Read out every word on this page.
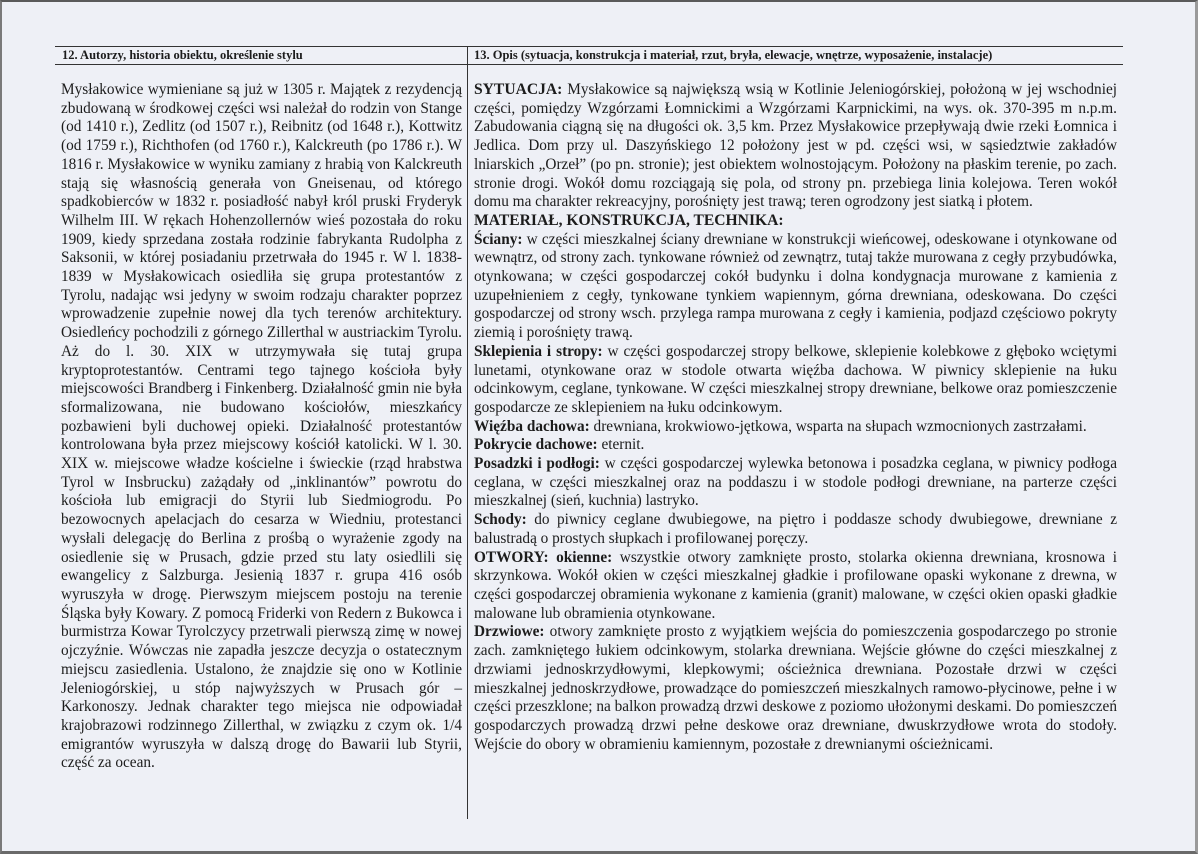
12. Autorzy, historia obiektu, określenie stylu	13. Opis (sytuacja, konstrukcja i materiał, rzut, bryła, elewacje, wnętrze, wyposażenie, instalacje)

Mysłakowice wymieniane są już w 1305 r. Majątek z rezydencją zbudowaną w środkowej części wsi należał do rodzin von Stange (od 1410 r.), Zedlitz (od 1507 r.), Reibnitz (od 1648 r.), Kottwitz (od 1759 r.), Richthofen (od 1760 r.), Kalckreuth (po 1786 r.). W 1816 r. Mysłakowice w wyniku zamiany z hrabią von Kalckreuth stają się własnością generała von Gneisenau, od którego spadkobierców w 1832 r. posiadłość nabył król pruski Fryderyk Wilhelm III. W rękach Hohenzollernów wieś pozostała do roku 1909, kiedy sprzedana została rodzinie fabrykanta Rudolpha z Saksonii, w której posiadaniu przetrwała do 1945 r. W l. 1838-1839 w Mysłakowicach osiedliła się grupa protestantów z Tyrolu, nadając wsi jedyny w swoim rodzaju charakter poprzez wprowadzenie zupełnie nowej dla tych terenów architektury. Osiedleńcy pochodzili z górnego Zillerthal w austriackim Tyrolu. Aż do l. 30. XIX w utrzymywała się tutaj grupa kryptoprotestantów. Centrami tego tajnego kościoła były miejscowości Brandberg i Finkenberg. Działalność gmin nie była sformalizowana, nie budowano kościołów, mieszkańcy pozbawieni byli duchowej opieki. Działalność protestantów kontrolowana była przez miejscowy kościół katolicki. W l. 30. XIX w. miejscowe władze kościelne i świeckie (rząd hrabstwa Tyrol w Insbrucku) zażądały od „inklinantów” powrotu do kościoła lub emigracji do Styrii lub Siedmiogrodu. Po bezowocnych apelacjach do cesarza w Wiedniu, protestanci wysłali delegację do Berlina z prośbą o wyrażenie zgody na osiedlenie się w Prusach, gdzie przed stu laty osiedlili się ewangelicy z Salzburga. Jesienią 1837 r. grupa 416 osób wyruszyła w drogę. Pierwszym miejscem postoju na terenie Śląska były Kowary. Z pomocą Friderki von Redern z Bukowca i burmistrza Kowar Tyrolczycy przetrwali pierwszą zimę w nowej ojczyźnie. Wówczas nie zapadła jeszcze decyzja o ostatecznym miejscu zasiedlenia. Ustalono, że znajdzie się ono w Kotlinie Jeleniogórskiej, u stóp najwyższych w Prusach gór – Karkonoszy. Jednak charakter tego miejsca nie odpowiadał krajobrazowi rodzinnego Zillerthal, w związku z czym ok. 1/4 emigrantów wyruszyła w dalszą drogę do Bawarii lub Styrii, część za ocean.

SYTUACJA: Mysłakowice są największą wsią w Kotlinie Jeleniogórskiej, położoną w jej wschodniej części, pomiędzy Wzgórzami Łomnickimi a Wzgórzami Karpnickimi, na wys. ok. 370-395 m n.p.m. Zabudowania ciągną się na długości ok. 3,5 km. Przez Mysłakowice przepływają dwie rzeki Łomnica i Jedlica. Dom przy ul. Daszyńskiego 12 położony jest w pd. części wsi, w sąsiedztwie zakładów lniarskich „Orzeł” (po pn. stronie); jest obiektem wolnostojącym. Położony na płaskim terenie, po zach. stronie drogi. Wokół domu rozciągają się pola, od strony pn. przebiega linia kolejowa. Teren wokół domu ma charakter rekreacyjny, porośnięty jest trawą; teren ogrodzony jest siatką i płotem.

MATERIAŁ, KONSTRUKCJA, TECHNIKA:

Ściany: w części mieszkalnej ściany drewniane w konstrukcji wieńcowej, odeskowane i otynkowane od wewnątrz, od strony zach. tynkowane również od zewnątrz, tutaj także murowana z cegły przybudówka, otynkowana; w części gospodarczej cokół budynku i dolna kondygnacja murowane z kamienia z uzupełnieniem z cegły, tynkowane tynkiem wapiennym, górna drewniana, odeskowana. Do części gospodarczej od strony wsch. przylega rampa murowana z cegły i kamienia, podjazd częściowo pokryty ziemią i porośnięty trawą.

Sklepienia i stropy: w części gospodarczej stropy belkowe, sklepienie kolebkowe z głęboko wciętymi lunetami, otynkowane oraz w stodole otwarta więźba dachowa. W piwnicy sklepienie na łuku odcinkowym, ceglane, tynkowane. W części mieszkalnej stropy drewniane, belkowe oraz pomieszczenie gospodarcze ze sklepieniem na łuku odcinkowym.

Więźba dachowa: drewniana, krokwiowo-jętkowa, wsparta na słupach wzmocnionych zastrzałami.

Pokrycie dachowe: eternit.

Posadzki i podłogi: w części gospodarczej wylewka betonowa i posadzka ceglana, w piwnicy podłoga ceglana, w części mieszkalnej oraz na poddaszu i w stodole podłogi drewniane, na parterze części mieszkalnej (sień, kuchnia) lastryko.

Schody: do piwnicy ceglane dwubiegowe, na piętro i poddasze schody dwubiegowe, drewniane z balustradą o prostych słupkach i profilowanej poręczy.

OTWORY: okienne: wszystkie otwory zamknięte prosto, stolarka okienna drewniana, krosnowa i skrzynkowa. Wokół okien w części mieszkalnej gładkie i profilowane opaski wykonane z drewna, w części gospodarczej obramienia wykonane z kamienia (granit) malowane, w części okien opaski gładkie malowane lub obramienia otynkowane.

Drzwiowe: otwory zamknięte prosto z wyjątkiem wejścia do pomieszczenia gospodarczego po stronie zach. zamkniętego łukiem odcinkowym, stolarka drewniana. Wejście główne do części mieszkalnej z drzwiami jednoskrzydłowymi, klepkowymi; ościeżnica drewniana. Pozostałe drzwi w części mieszkalnej jednoskrzydłowe, prowadzące do pomieszczeń mieszkalnych ramowo-płycinowe, pełne i w części przeszklone; na balkon prowadzą drzwi deskowe z poziomo ułożonymi deskami. Do pomieszczeń gospodarczych prowadzą drzwi pełne deskowe oraz drewniane, dwuskrzydłowe wrota do stodoły. Wejście do obory w obramieniu kamiennym, pozostałe z drewnianymi ościeżnicami.
